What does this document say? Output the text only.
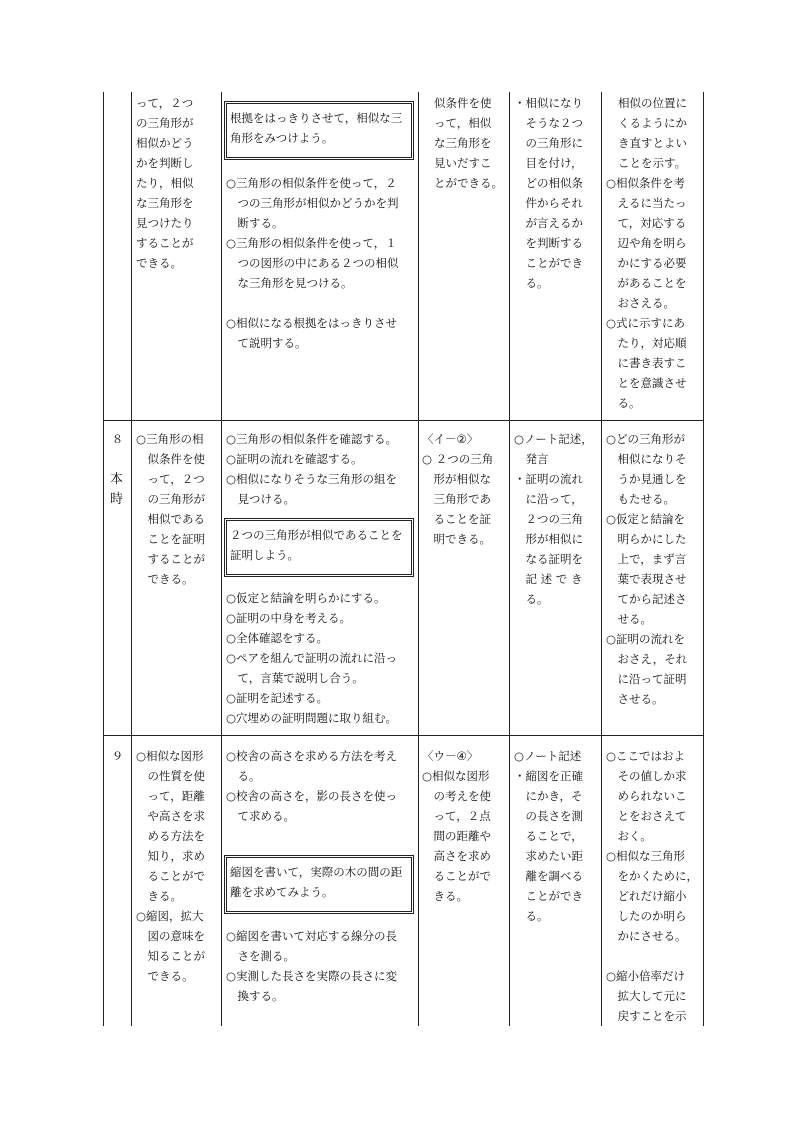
って，２つ

の三角形が

相似かどう

かを判断し

たり，相似

な三角形を

見つけたり

することが

できる。

根拠をはっきりさせて，相似な三

角形をみつけよう。

○三角形の相似条件を使って，２

　つの三角形が相似かどうかを判

　断する。

○三角形の相似条件を使って，１

　つの図形の中にある２つの相似

　な三角形を見つける。

○相似になる根拠をはっきりさせ

　て説明する。

似条件を使

って，相似

な三角形を

見いだすこ

とができる。

・相似になり

　そうな２つ

　の三角形に

　目を付け，

　どの相似条

　件からそれ

　が言えるか

　を判断する

　ことができ

　る。

相似の位置に

くるようにか

き直すとよい

ことを示す。

○相似条件を考

　えるに当たっ

　て，対応する

　辺や角を明ら

　かにする必要

　があることを

　おさえる。

○式に示すにあ

　たり，対応順

　に書き表すこ

　とを意識させ

　る。

８

本

時

○三角形の相

　似条件を使

　って，２つ

　の三角形が

　相似である

　ことを証明

　することが

　できる。

○三角形の相似条件を確認する。

○証明の流れを確認する。

○相似になりそうな三角形の組を

　見つける。

２つの三角形が相似であることを

証明しよう。

○仮定と結論を明らかにする。

○証明の中身を考える。

○全体確認をする。

○ペアを組んで証明の流れに沿っ

　て，言葉で説明し合う。

○証明を記述する。

○穴埋めの証明問題に取り組む。

〈イ－②〉

○ ２つの三角

　形が相似な

　三角形であ

　ることを証

　明できる。

○ノート記述，

　発言

・証明の流れ

　に沿って，

　２つの三角

　形が相似に

　なる証明を

　記 述 で き

　る。

○どの三角形が

　相似になりそ

　うか見通しを

　もたせる。

○仮定と結論を

　明らかにした

　上で，まず言

　葉で表現させ

　てから記述さ

　せる。

○証明の流れを

　おさえ，それ

　に沿って証明

　させる。

９	○相似な図形

　の性質を使

　って，距離

　や高さを求

　める方法を

　知り，求め

　ることがで

　きる。

○縮図，拡大

　図の意味を

　知ることが

　できる。

○校舎の高さを求める方法を考え

　る。

○校舎の高さを，影の長さを使っ

　て求める。

縮図を書いて，実際の木の間の距

離を求めてみよう。

○縮図を書いて対応する線分の長

　さを測る。

○実測した長さを実際の長さに変

　換する。

〈ウ－④〉

○相似な図形

　の考えを使

　って，２点

　間の距離や

　高さを求め

　ることがで

　きる。

○ノート記述

・縮図を正確

　にかき，そ

　の長さを測

　ることで，

　求めたい距

　離を調べる

　ことができ

　る。

○ここではおよ

　その値しか求

　められないこ

　とをおさえて

　おく。

○相似な三角形

　をかくために，

　どれだけ縮小

　したのか明ら

　かにさせる。

○縮小倍率だけ

　拡大して元に

　戻すことを示
